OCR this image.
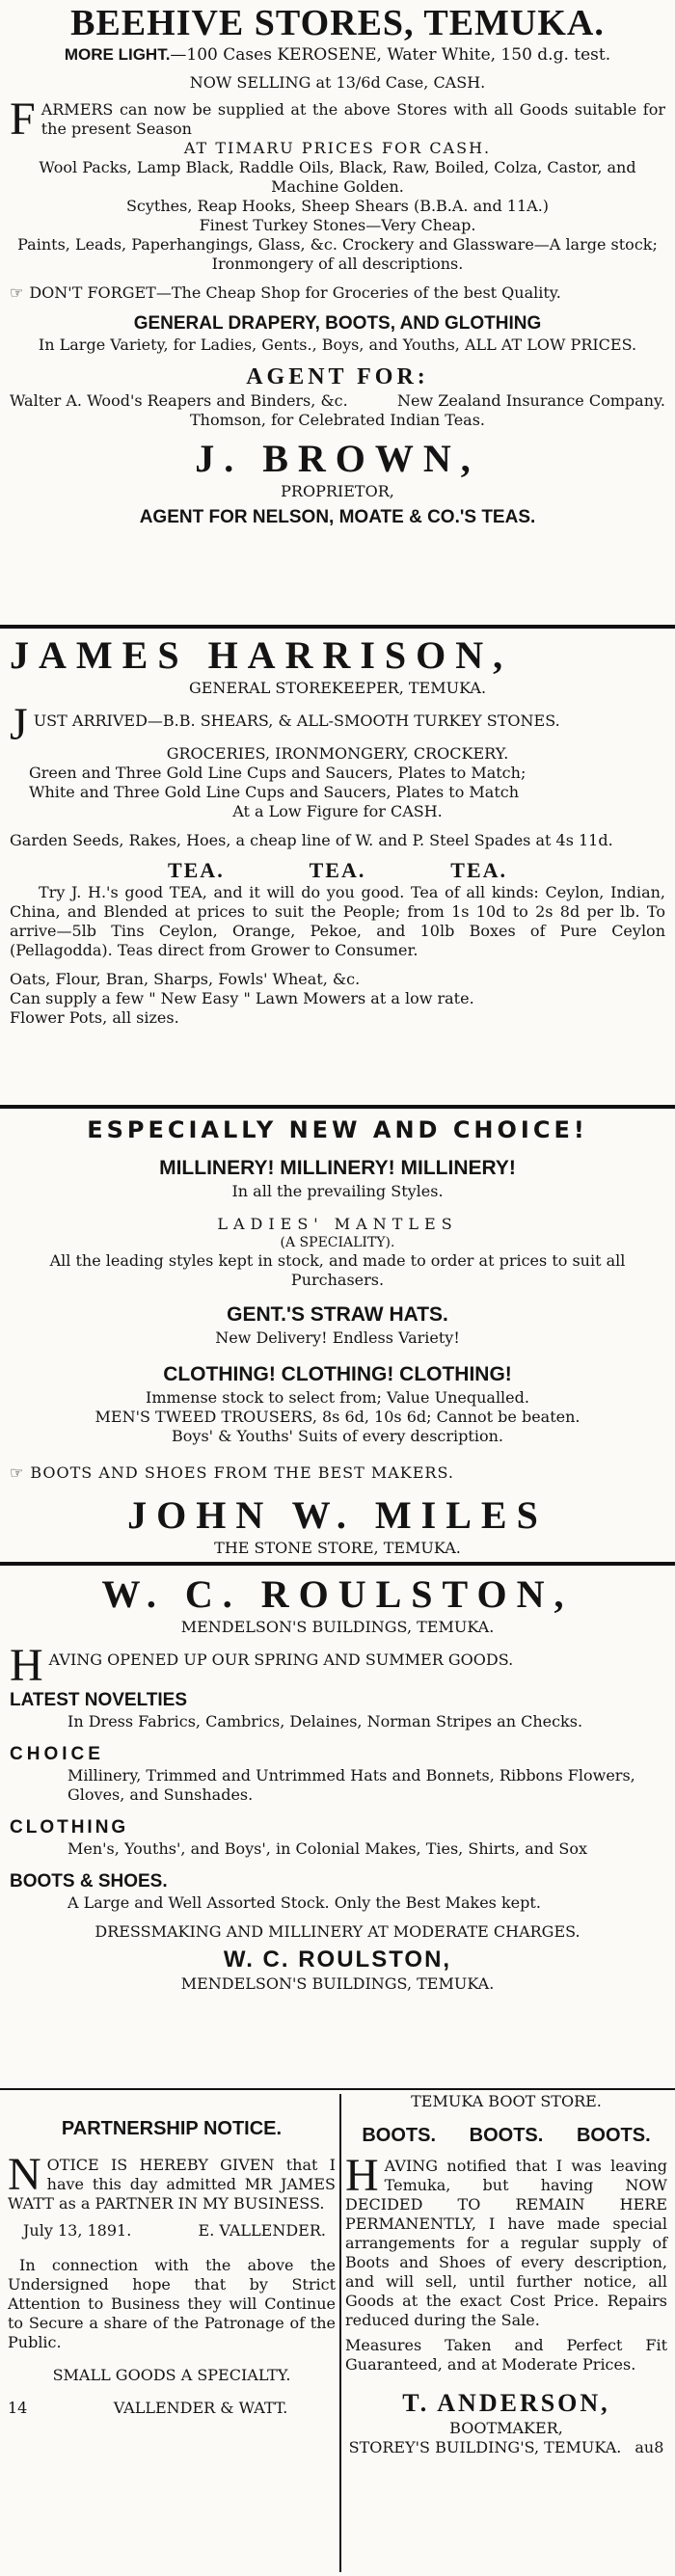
BEEHIVE STORES, TEMUKA.

MORE LIGHT.—100 Cases KEROSENE, Water White, 150 d.g. test.

NOW SELLING at 13/6d Case, CASH.

F ARMERS can now be supplied at the above Stores with all Goods suitable for the present Season

AT TIMARU PRICES FOR CASH.

Wool Packs, Lamp Black, Raddle Oils, Black, Raw, Boiled, Colza, Castor, and Machine Golden.

Scythes, Reap Hooks, Sheep Shears (B.B.A. and 11A.)

Finest Turkey Stones—Very Cheap.

Paints, Leads, Paperhangings, Glass, &c. Crockery and Glassware—A large stock; Ironmongery of all descriptions.

☞ DON'T FORGET—The Cheap Shop for Groceries of the best Quality.

GENERAL DRAPERY, BOOTS, AND GLOTHING

In Large Variety, for Ladies, Gents., Boys, and Youths, ALL AT LOW PRICES.

AGENT FOR:

Walter A. Wood's Reapers and Binders, &c.	New Zealand Insurance Company.

Thomson, for Celebrated Indian Teas.

J. BROWN,

PROPRIETOR,

AGENT FOR NELSON, MOATE & CO.'S TEAS.

JAMES HARRISON,

GENERAL STOREKEEPER, TEMUKA.

J UST ARRIVED—B.B. SHEARS, & ALL-SMOOTH TURKEY STONES.

GROCERIES, IRONMONGERY, CROCKERY.

Green and Three Gold Line Cups and Saucers, Plates to Match;

White and Three Gold Line Cups and Saucers, Plates to Match

At a Low Figure for CASH.

Garden Seeds, Rakes, Hoes, a cheap line of W. and P. Steel Spades at 4s 11d.

TEA.	TEA.	TEA.

Try J. H.'s good TEA, and it will do you good. Tea of all kinds: Ceylon, Indian, China, and Blended at prices to suit the People; from 1s 10d to 2s 8d per lb. To arrive—5lb Tins Ceylon, Orange, Pekoe, and 10lb Boxes of Pure Ceylon (Pellagodda). Teas direct from Grower to Consumer.

Oats, Flour, Bran, Sharps, Fowls' Wheat, &c.

Can supply a few " New Easy " Lawn Mowers at a low rate.

Flower Pots, all sizes.

ESPECIALLY NEW AND CHOICE!

MILLINERY! MILLINERY! MILLINERY!

In all the prevailing Styles.

LADIES' MANTLES

(A SPECIALITY).

All the leading styles kept in stock, and made to order at prices to suit all Purchasers.

GENT.'S STRAW HATS.

New Delivery! Endless Variety!

CLOTHING! CLOTHING! CLOTHING!

Immense stock to select from; Value Unequalled.

MEN'S TWEED TROUSERS, 8s 6d, 10s 6d; Cannot be beaten.

Boys' & Youths' Suits of every description.

☞ BOOTS AND SHOES FROM THE BEST MAKERS.

JOHN W. MILES

THE STONE STORE, TEMUKA.

W. C. ROULSTON,

MENDELSON'S BUILDINGS, TEMUKA.

H AVING OPENED UP OUR SPRING AND SUMMER GOODS.

LATEST NOVELTIES

In Dress Fabrics, Cambrics, Delaines, Norman Stripes an Checks.

CHOICE

Millinery, Trimmed and Untrimmed Hats and Bonnets, Ribbons Flowers, Gloves, and Sunshades.

CLOTHING

Men's, Youths', and Boys', in Colonial Makes, Ties, Shirts, and Sox

BOOTS & SHOES.

A Large and Well Assorted Stock. Only the Best Makes kept.

DRESSMAKING AND MILLINERY AT MODERATE CHARGES.

W. C. ROULSTON,

MENDELSON'S BUILDINGS, TEMUKA.

PARTNERSHIP NOTICE.

N OTICE IS HEREBY GIVEN that I have this day admitted MR JAMES WATT as a PARTNER IN MY BUSINESS.

July 13, 1891.	E. VALLENDER.

In connection with the above the Undersigned hope that by Strict Attention to Business they will Continue to Secure a share of the Patronage of the Public.

SMALL GOODS A SPECIALTY.

14	VALLENDER & WATT.

TEMUKA BOOT STORE.

BOOTS. BOOTS. BOOTS.
H AVING notified that I was leaving Temuka, but having NOW DECIDED TO REMAIN HERE PERMANENTLY, I have made special arrangements for a regular supply of Boots and Shoes of every description, and will sell, until further notice, all Goods at the exact Cost Price. Repairs reduced during the Sale.

Measures Taken and Perfect Fit Guaranteed, and at Moderate Prices.

T. ANDERSON,

BOOTMAKER,

STOREY'S BUILDING'S, TEMUKA. au8
